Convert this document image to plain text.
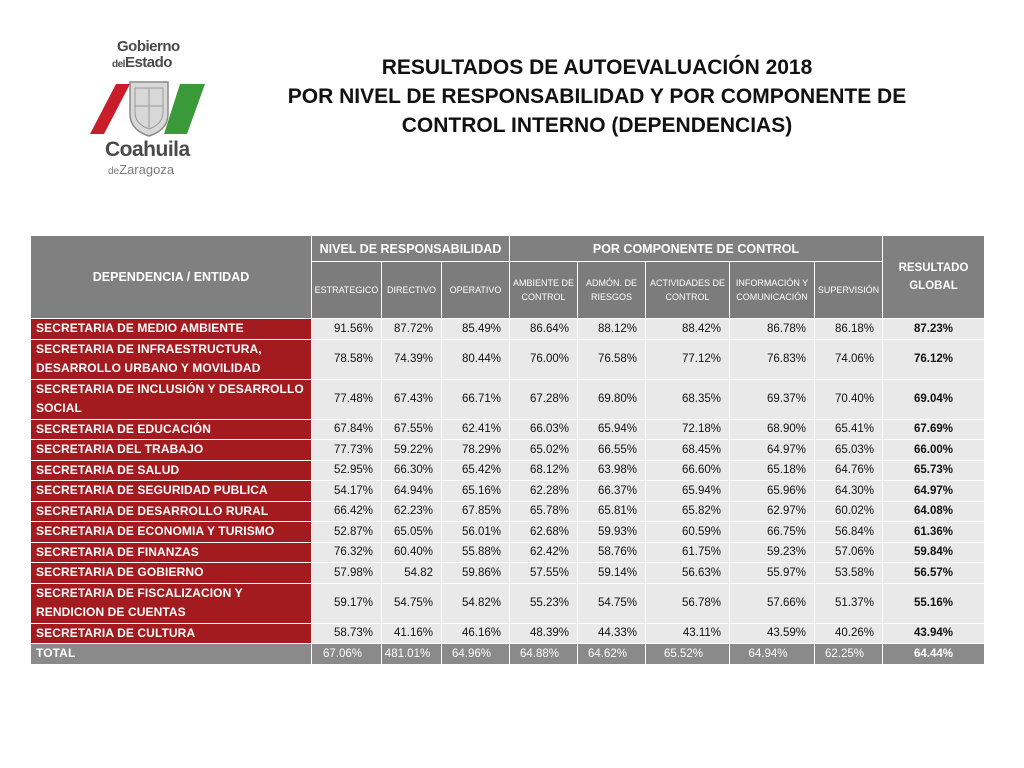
Gobierno
delEstado
Coahuila
deZaragoza
RESULTADOS DE AUTOEVALUACIÓN 2018
POR NIVEL DE RESPONSABILIDAD Y POR COMPONENTE DE
CONTROL INTERNO (DEPENDENCIAS)
DEPENDENCIA / ENTIDAD	NIVEL DE RESPONSABILIDAD			POR COMPONENTE DE CONTROL					RESULTADO GLOBAL
	ESTRATEGICO	DIRECTIVO	OPERATIVO	AMBIENTE DE CONTROL	ADMÓN. DE RIESGOS	ACTIVIDADES DE CONTROL	INFORMACIÓN Y COMUNICACIÓN	SUPERVISIÓN	
SECRETARIA DE MEDIO AMBIENTE	91.56%	87.72%	85.49%	86.64%	88.12%	88.42%	86.78%	86.18%	87.23%
SECRETARIA DE INFRAESTRUCTURA, DESARROLLO URBANO Y MOVILIDAD	78.58%	74.39%	80.44%	76.00%	76.58%	77.12%	76.83%	74.06%	76.12%
SECRETARIA DE INCLUSIÓN Y DESARROLLO SOCIAL	77.48%	67.43%	66.71%	67.28%	69.80%	68.35%	69.37%	70.40%	69.04%
SECRETARIA DE EDUCACIÓN	67.84%	67.55%	62.41%	66.03%	65.94%	72.18%	68.90%	65.41%	67.69%
SECRETARIA DEL TRABAJO	77.73%	59.22%	78.29%	65.02%	66.55%	68.45%	64.97%	65.03%	66.00%
SECRETARIA DE SALUD	52.95%	66.30%	65.42%	68.12%	63.98%	66.60%	65.18%	64.76%	65.73%
SECRETARIA DE SEGURIDAD PUBLICA	54.17%	64.94%	65.16%	62.28%	66.37%	65.94%	65.96%	64.30%	64.97%
SECRETARIA DE DESARROLLO RURAL	66.42%	62.23%	67.85%	65.78%	65.81%	65.82%	62.97%	60.02%	64.08%
SECRETARIA DE ECONOMIA Y TURISMO	52.87%	65.05%	56.01%	62.68%	59.93%	60.59%	66.75%	56.84%	61.36%
SECRETARIA DE FINANZAS	76.32%	60.40%	55.88%	62.42%	58.76%	61.75%	59.23%	57.06%	59.84%
SECRETARIA DE GOBIERNO	57.98%	54.82	59.86%	57.55%	59.14%	56.63%	55.97%	53.58%	56.57%
SECRETARIA DE FISCALIZACION Y RENDICION DE CUENTAS	59.17%	54.75%	54.82%	55.23%	54.75%	56.78%	57.66%	51.37%	55.16%
SECRETARIA DE CULTURA	58.73%	41.16%	46.16%	48.39%	44.33%	43.11%	43.59%	40.26%	43.94%
TOTAL	67.06%	481.01%	64.96%	64.88%	64.62%	65.52%	64.94%	62.25%	64.44%
